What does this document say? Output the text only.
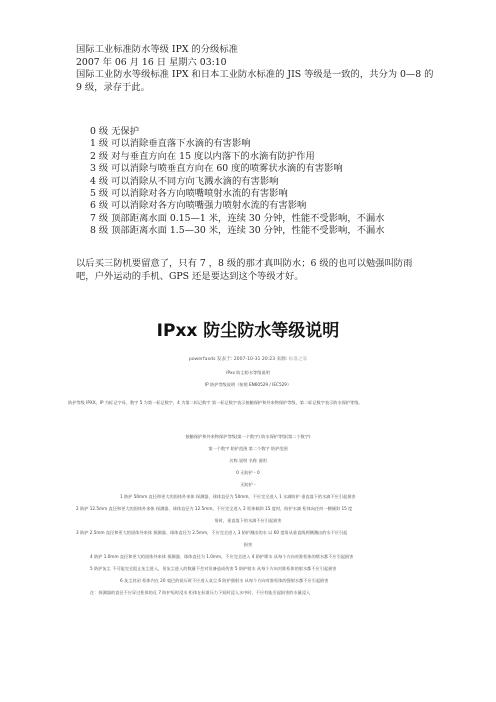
国际工业标准防水等级 IPX 的分级标准
2007 年 06 月 16 日 星期六 03:10
国际工业防水等级标准 IPX 和日本工业防水标准的 JIS 等级是一致的，共分为 0—8 的 9 级，录存于此。
0 级 无保护
1 级 可以消除垂直落下水滴的有害影响
2 级 对与垂直方向在 15 度以内落下的水滴有防护作用
3 级 可以消除与喷垂直方向在 60 度的喷雾状水滴的有害影响
4 级 可以消除从不同方向飞溅水滴的有害影响
5 级 可以消除对各方向喷嘴喷射水流的有害影响
6 级 可以消除对各方向喷嘴强力喷射水流的有害影响
7 级 顶部距离水面 0.15—1 米，连续 30 分钟，性能不受影响，不漏水
8 级 顶部距离水面 1.5—30 米，连续 30 分钟，性能不受影响，不漏水
以后买三防机要留意了，只有 7 ，8 级的那才真叫防水；6 级的也可以勉强叫防雨吧，户外运动的手机、GPS 还是要达到这个等级才好。
IPxx 防尘防水等级说明
powerfaxds 发表于: 2007-10-31 20:23 来源: 标准之家
IPxx 防尘防水等级说明
IP 防护等级说明（按照 EN60529 / IEC529）
防护等级 IPXX。IP 为标记字母，数字 5 为第一标记数字，4 为第二标记数字 第一标记数字表示接触保护和外来物保护等级，第二标记数字表示防水保护等级。
接触保护和外来物保护等级(第一个数字) 防水保护等级(第二个数字)
第一个数字 防护范围 第二个数字 防护范围
名称 说明 名称 说明
0 无防护 - 0
无防护 -
1 防护 50mm 直径和更大的固体外来体 探测器、球体直径为 50mm，不应完全进入 1 水滴防护 垂直落下的水滴不应引起损害
2 防护 12.5mm 直径和更大的固体外来体 探测器、球体直径为 12.5mm，不应完全进入 2 柜体倾斜 15 度时，防护水滴 柜体向任何一侧倾斜 15 度
角时，垂直落下的水滴不应引起损害
3 防护 2.5mm 直径和更大的固体外来体 探测器、球体直径为 2.5mm，不应完全进入 3 防护溅出的水 以 60 度角从垂直线两侧溅出的水不应引起
损害
4 防护 1.0mm 直径和更大的固体外来体 探测器、球体直径为 1.0mm，不应完全进入 4 防护喷水 从每个方向对准柜体的喷水都不应引起损害
5 防护灰尘 不可能完全阻止灰尘进入，但灰尘进入的数量不会对设备造成伤害 5 防护射水 从每个方向对准柜体的射水都不应引起损害
6 灰尘封闭 柜体内在 20 毫巴的低压时不应进入灰尘 6 防护强射水 从每个方向对准柜体的强射水都不应引起损害
注：探测器的直径不应穿过柜体的孔 7 防护短时浸水 柜体在标准压力下短时浸入水中时，不应有能引起损害的水量浸入
